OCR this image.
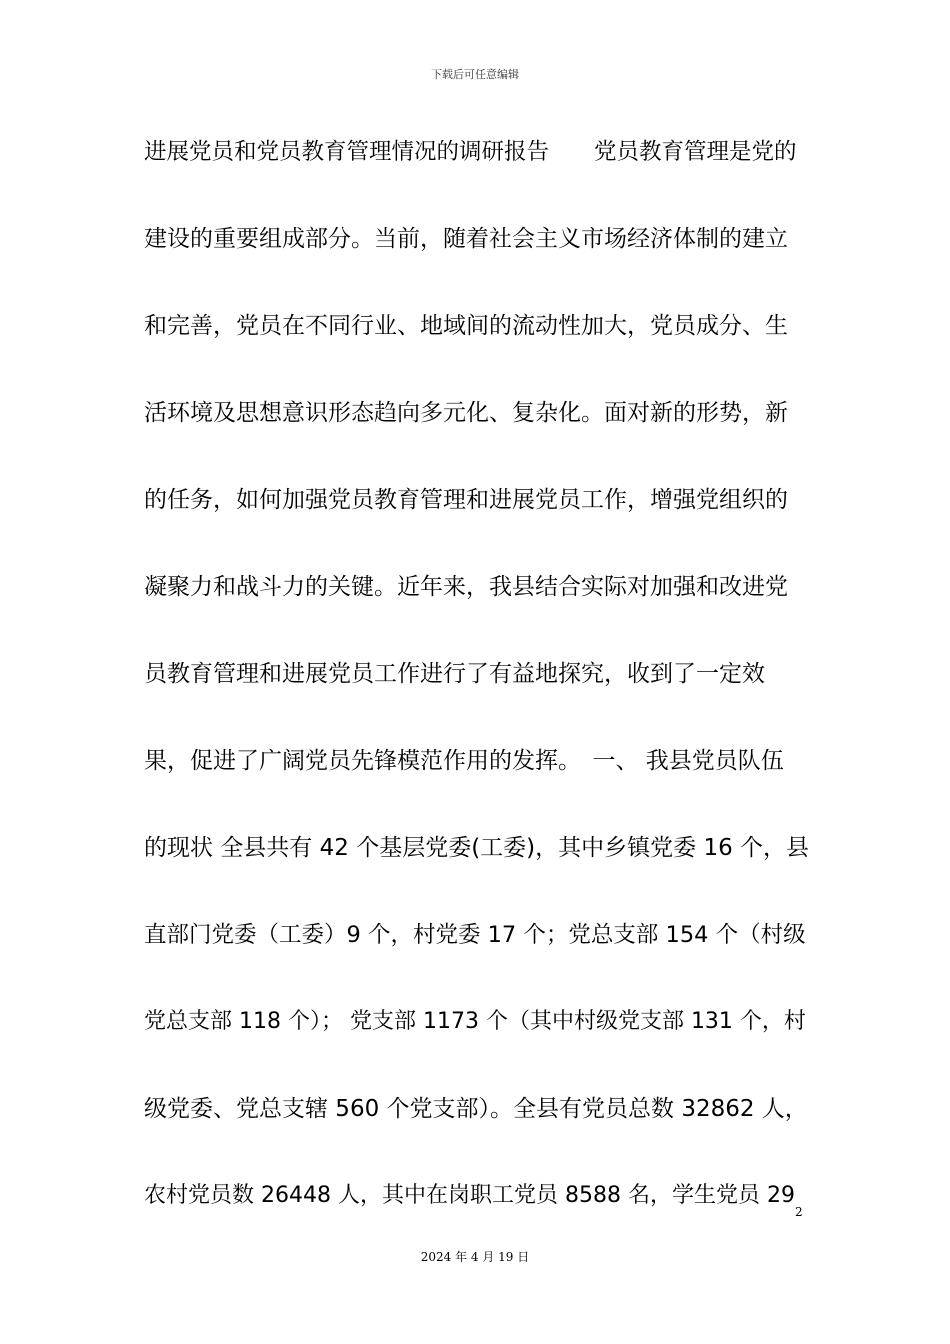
下载后可任意编辑
进展党员和党员教育管理情况的调研报告　　党员教育管理是党的
建设的重要组成部分。当前，随着社会主义市场经济体制的建立
和完善，党员在不同行业、地域间的流动性加大，党员成分、生
活环境及思想意识形态趋向多元化、复杂化。面对新的形势，新
的任务，如何加强党员教育管理和进展党员工作，增强党组织的
凝聚力和战斗力的关键。近年来，我县结合实际对加强和改进党
员教育管理和进展党员工作进行了有益地探究，收到了一定效
果，促进了广阔党员先锋模范作用的发挥。　一、 我县党员队伍
的现状 全县共有 42 个基层党委(工委)，其中乡镇党委 16 个，县
直部门党委（工委）9 个，村党委 17 个；党总支部 154 个（村级
党总支部 118 个）； 党支部 1173 个（其中村级党支部 131 个，村
级党委、党总支辖 560 个党支部）。全县有党员总数 32862 人，
农村党员数 26448 人，其中在岗职工党员 8588 名，学生党员 29
2
2024 年 4 月 19 日
